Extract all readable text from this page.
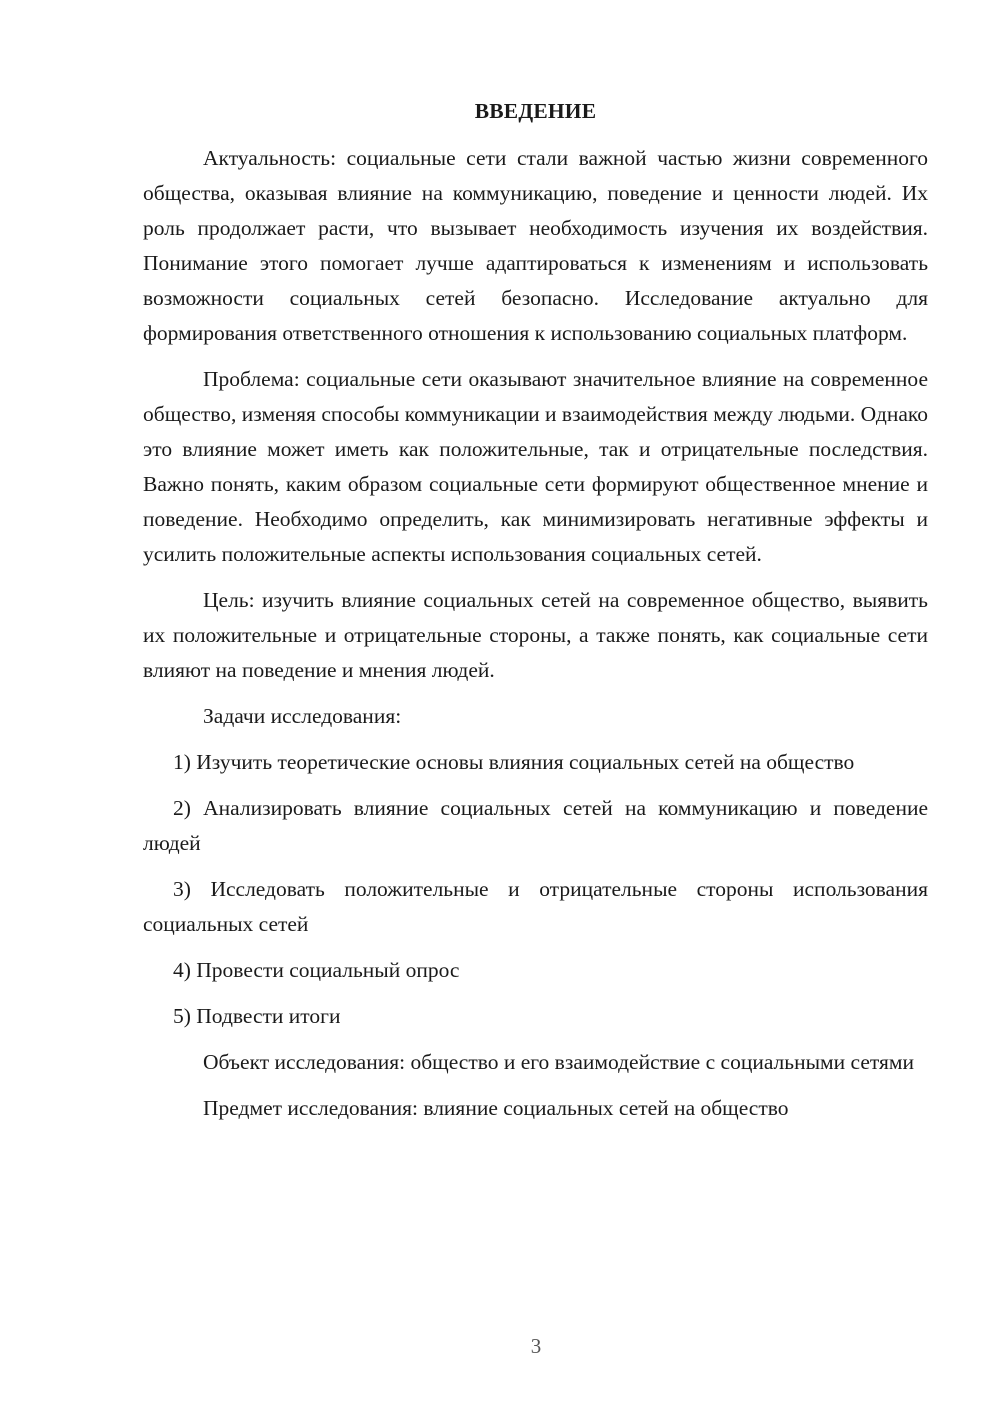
ВВЕДЕНИЕ

Актуальность: социальные сети стали важной частью жизни современного общества, оказывая влияние на коммуникацию, поведение и ценности людей. Их роль продолжает расти, что вызывает необходимость изучения их воздействия. Понимание этого помогает лучше адаптироваться к изменениям и использовать возможности социальных сетей безопасно. Исследование актуально для формирования ответственного отношения к использованию социальных платформ.

Проблема: социальные сети оказывают значительное влияние на современное общество, изменяя способы коммуникации и взаимодействия между людьми. Однако это влияние может иметь как положительные, так и отрицательные последствия. Важно понять, каким образом социальные сети формируют общественное мнение и поведение. Необходимо определить, как минимизировать негативные эффекты и усилить положительные аспекты использования социальных сетей.

Цель: изучить влияние социальных сетей на современное общество, выявить их положительные и отрицательные стороны, а также понять, как социальные сети влияют на поведение и мнения людей.

Задачи исследования:

1) Изучить теоретические основы влияния социальных сетей на общество

2) Анализировать влияние социальных сетей на коммуникацию и поведение людей

3) Исследовать положительные и отрицательные стороны использования социальных сетей

4) Провести социальный опрос

5) Подвести итоги

Объект исследования: общество и его взаимодействие с социальными сетями

Предмет исследования: влияние социальных сетей на общество

3
